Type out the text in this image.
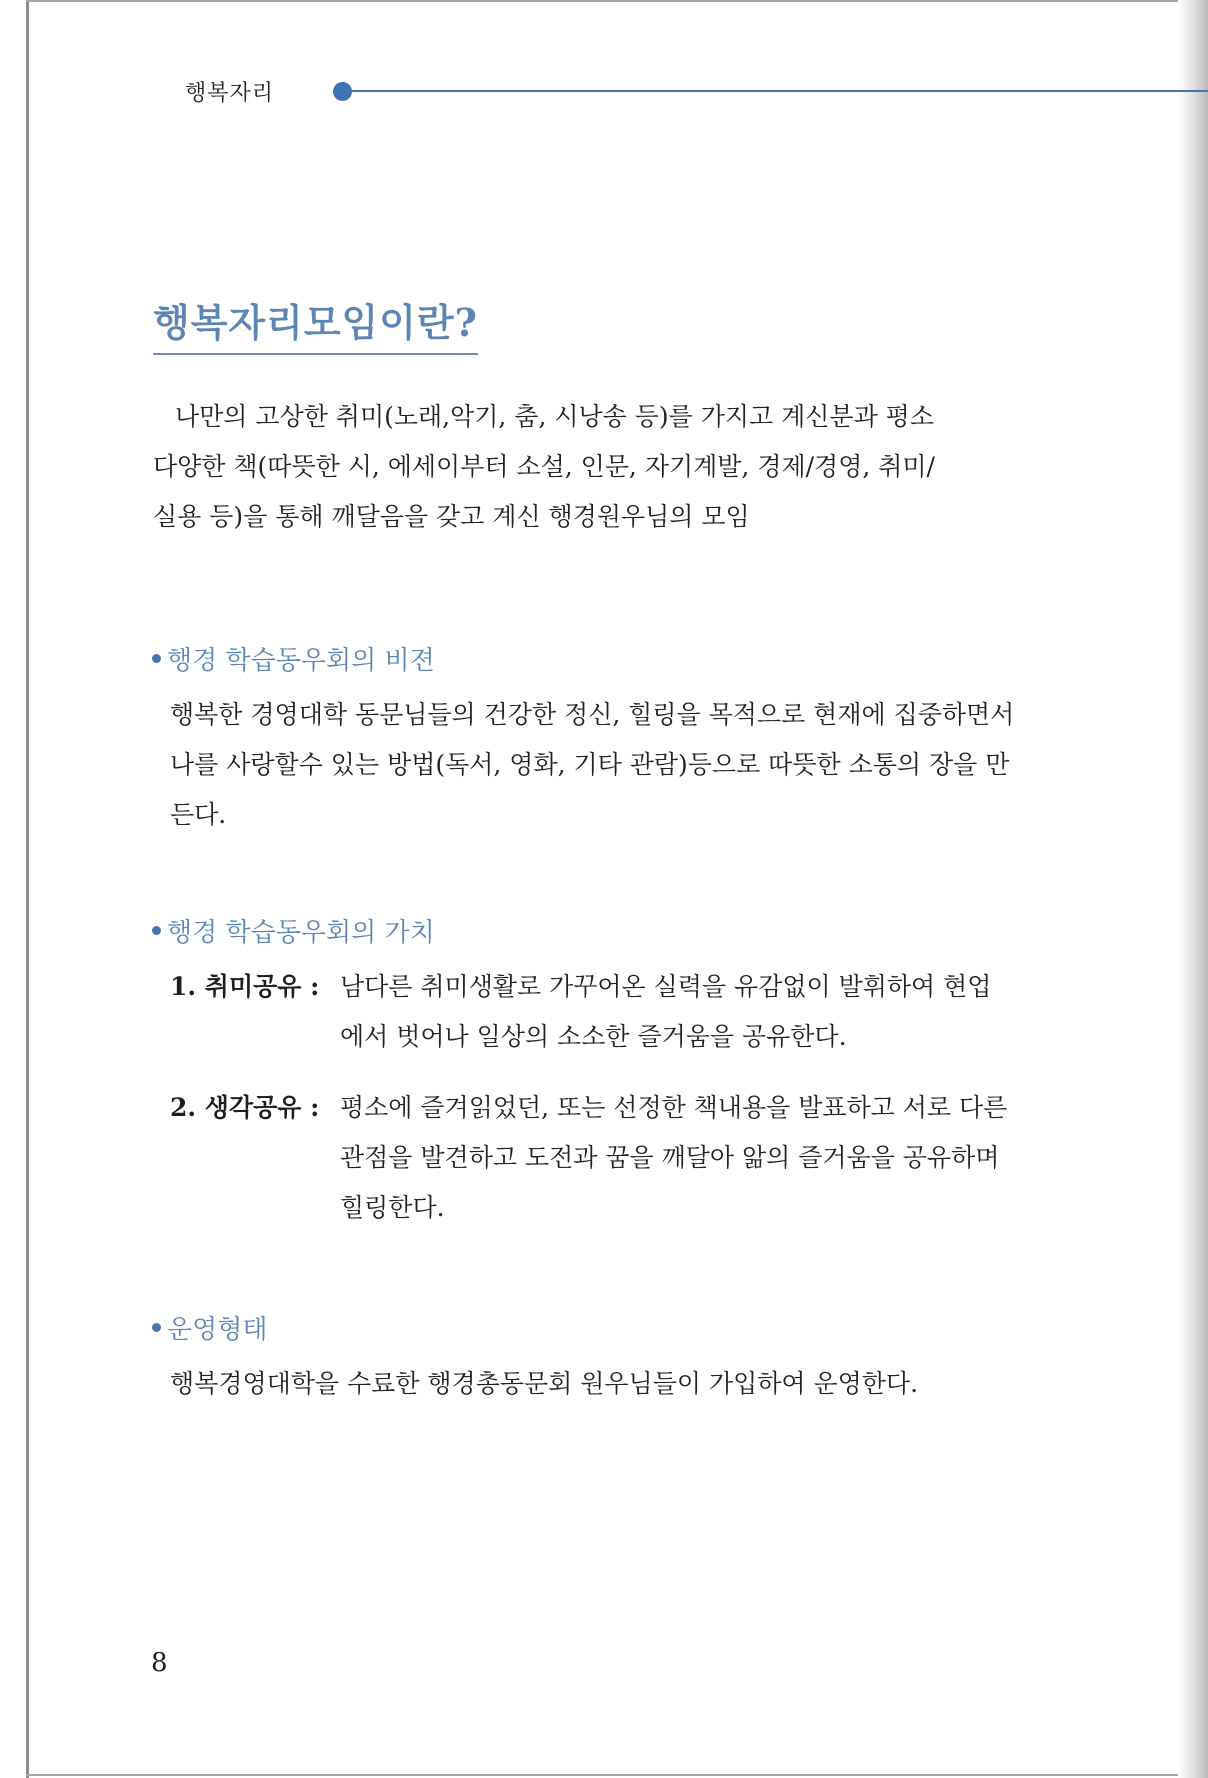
행복자리
행복자리모임이란?
나만의 고상한 취미(노래,악기, 춤, 시낭송 등)를 가지고 계신분과 평소
다양한 책(따뜻한 시, 에세이부터 소설, 인문, 자기계발, 경제/경영, 취미/
실용 등)을 통해 깨달음을 갖고 계신 행경원우님의 모임
행경 학습동우회의 비젼
행복한 경영대학 동문님들의 건강한 정신, 힐링을 목적으로 현재에 집중하면서
나를 사랑할수 있는 방법(독서, 영화, 기타 관람)등으로 따뜻한 소통의 장을 만
든다.
행경 학습동우회의 가치
1. 취미공유 : 남다른 취미생활로 가꾸어온 실력을 유감없이 발휘하여 현업
에서 벗어나 일상의 소소한 즐거움을 공유한다.
2. 생각공유 : 평소에 즐겨읽었던, 또는 선정한 책내용을 발표하고 서로 다른
관점을 발견하고 도전과 꿈을 깨달아 앎의 즐거움을 공유하며
힐링한다.
운영형태
행복경영대학을 수료한 행경총동문회 원우님들이 가입하여 운영한다.
8
